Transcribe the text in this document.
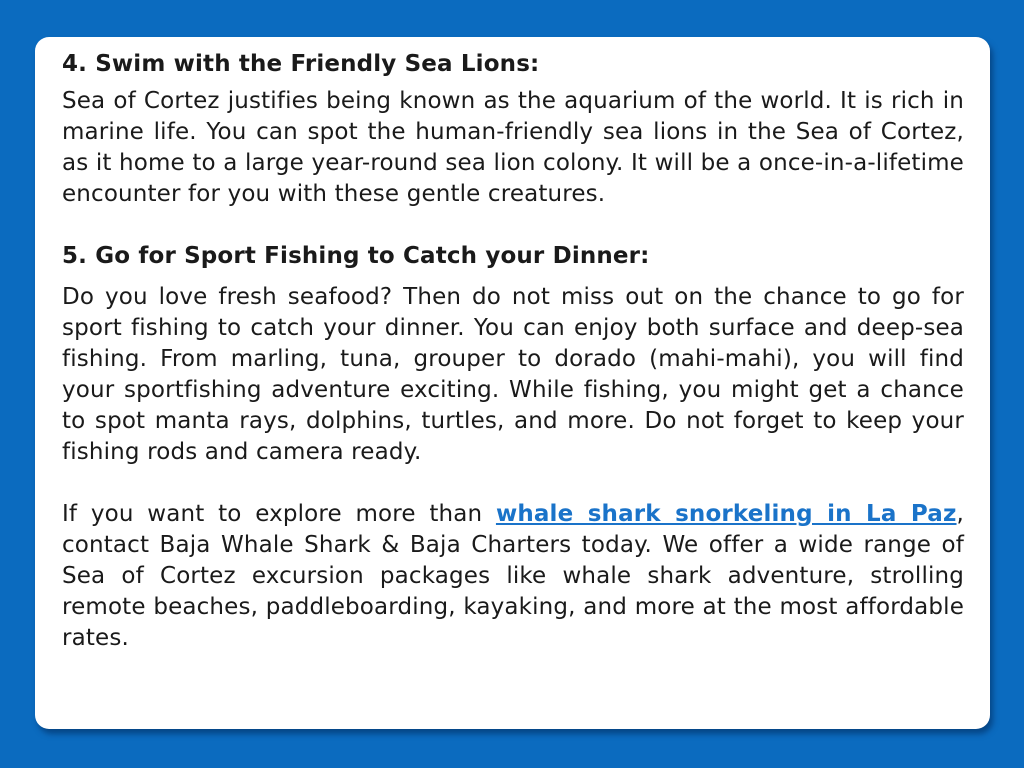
4. Swim with the Friendly Sea Lions:

Sea of Cortez justifies being known as the aquarium of the world. It is rich in marine life. You can spot the human-friendly sea lions in the Sea of Cortez, as it home to a large year-round sea lion colony. It will be a once-in-a-lifetime encounter for you with these gentle creatures.

5. Go for Sport Fishing to Catch your Dinner:

Do you love fresh seafood? Then do not miss out on the chance to go for sport fishing to catch your dinner. You can enjoy both surface and deep-sea fishing. From marling, tuna, grouper to dorado (mahi-mahi), you will find your sportfishing adventure exciting. While fishing, you might get a chance to spot manta rays, dolphins, turtles, and more. Do not forget to keep your fishing rods and camera ready.

If you want to explore more than whale shark snorkeling in La Paz, contact Baja Whale Shark & Baja Charters today. We offer a wide range of Sea of Cortez excursion packages like whale shark adventure, strolling remote beaches, paddleboarding, kayaking, and more at the most affordable rates.
